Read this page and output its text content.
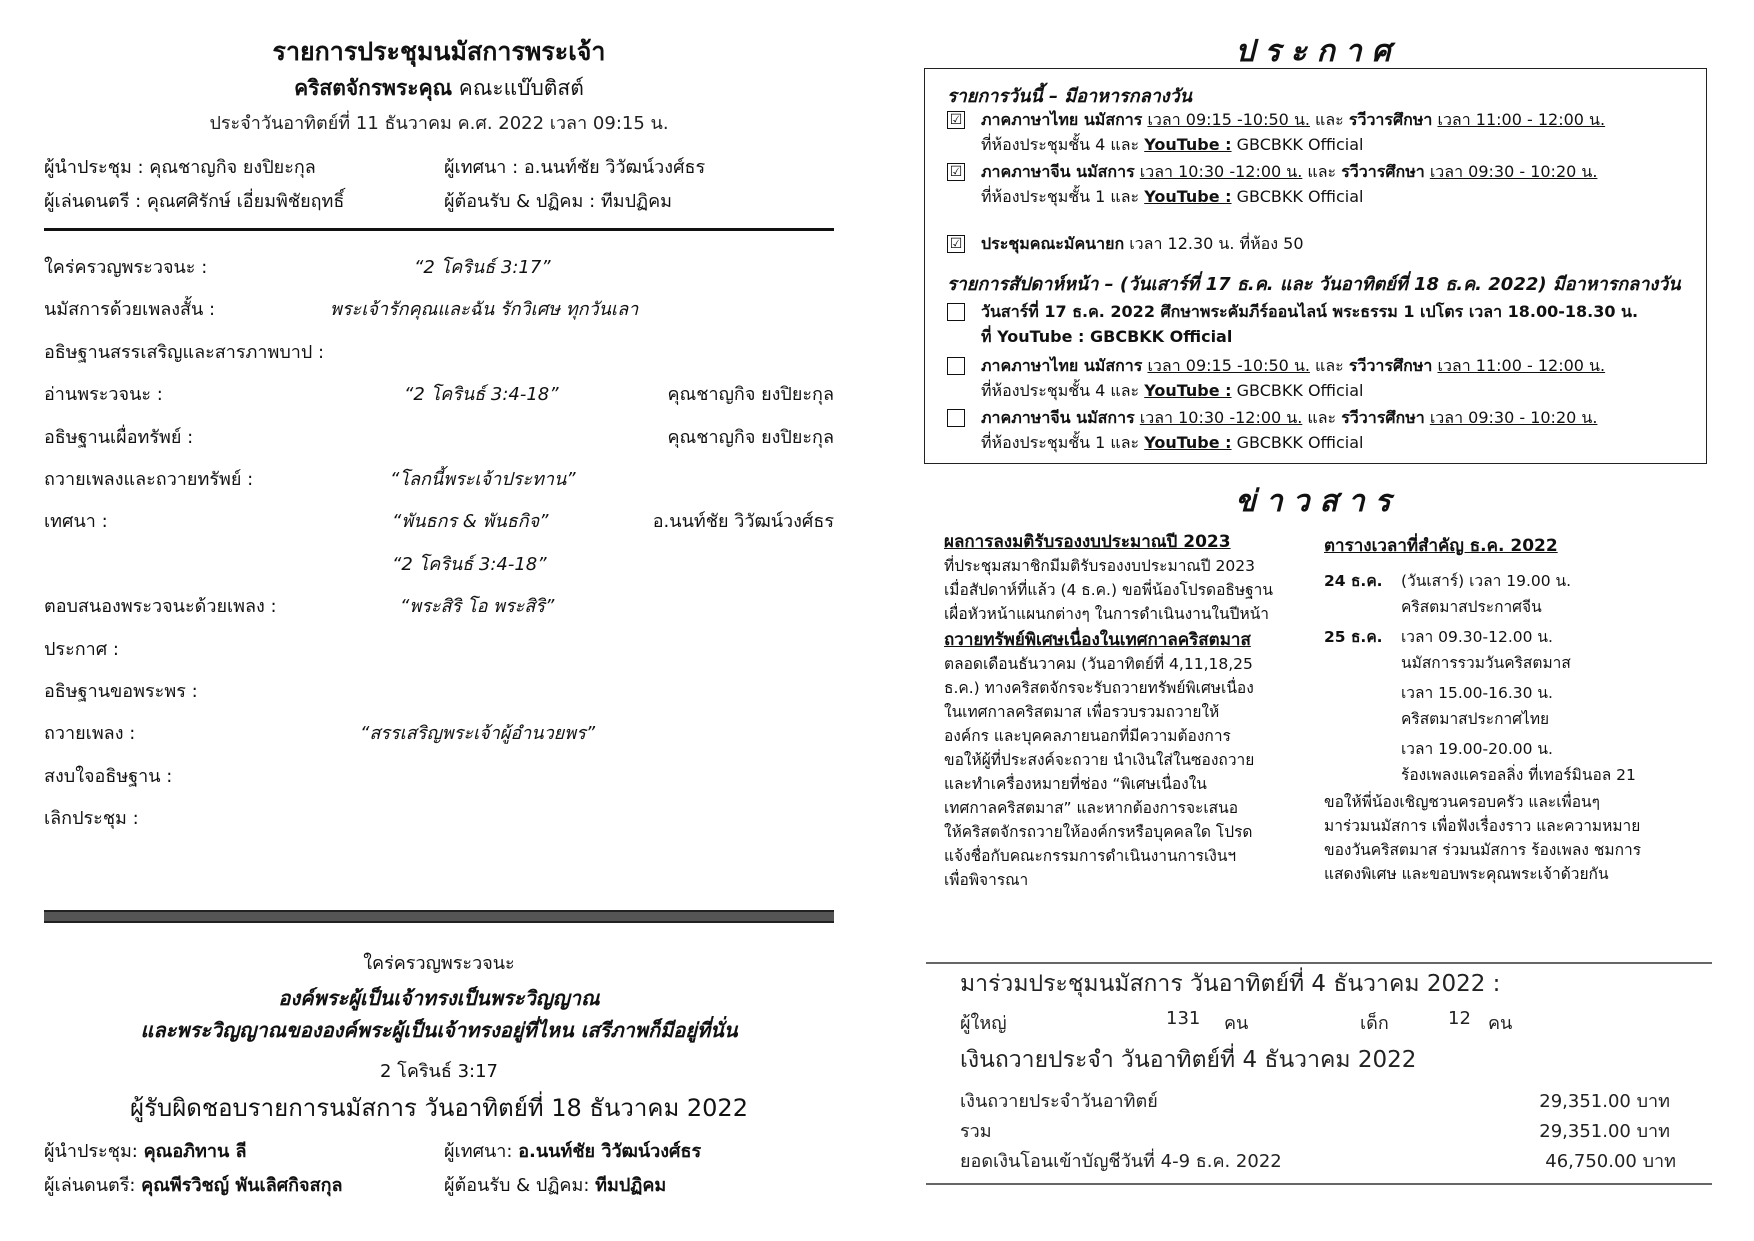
รายการประชุมนมัสการพระเจ้า
คริสตจักรพระคุณ คณะแบ๊บติสต์
ประจำวันอาทิตย์ที่ 11 ธันวาคม ค.ศ. 2022 เวลา 09:15 น.
ผู้นำประชุม : คุณชาญกิจ ยงปิยะกุล	ผู้เทศนา : อ.นนท์ชัย วิวัฒน์วงศ์ธร
ผู้เล่นดนตรี : คุณศศิรักษ์ เอี่ยมพิชัยฤทธิ์	ผู้ต้อนรับ & ปฏิคม : ทีมปฏิคม
ใคร่ครวญพระวจนะ :	“2 โครินธ์ 3:17”
นมัสการด้วยเพลงสั้น :	พระเจ้ารักคุณและฉัน รักวิเศษ ทุกวันเลา
อธิษฐานสรรเสริญและสารภาพบาป :
อ่านพระวจนะ :	“2 โครินธ์ 3:4-18”	คุณชาญกิจ ยงปิยะกุล
อธิษฐานเผื่อทรัพย์ :	คุณชาญกิจ ยงปิยะกุล
ถวายเพลงและถวายทรัพย์ :	“โลกนี้พระเจ้าประทาน”
เทศนา :	“พันธกร & พันธกิจ”	อ.นนท์ชัย วิวัฒน์วงศ์ธร
“2 โครินธ์ 3:4-18”
ตอบสนองพระวจนะด้วยเพลง :	“พระสิริ โอ พระสิริ”
ประกาศ :
อธิษฐานขอพระพร :
ถวายเพลง :	“สรรเสริญพระเจ้าผู้อำนวยพร”
สงบใจอธิษฐาน :
เลิกประชุม :
ใคร่ครวญพระวจนะ
องค์พระผู้เป็นเจ้าทรงเป็นพระวิญญาณ
และพระวิญญาณขององค์พระผู้เป็นเจ้าทรงอยู่ที่ไหน เสรีภาพก็มีอยู่ที่นั่น
2 โครินธ์ 3:17
ผู้รับผิดชอบรายการนมัสการ วันอาทิตย์ที่ 18 ธันวาคม 2022
ผู้นำประชุม: คุณอภิทาน ลี	ผู้เทศนา: อ.นนท์ชัย วิวัฒน์วงศ์ธร
ผู้เล่นดนตรี: คุณพีรวิชญ์ พันเลิศกิจสกุล	ผู้ต้อนรับ & ปฏิคม: ทีมปฏิคม
ประกาศ
รายการวันนี้ – มีอาหารกลางวัน
☑ ภาคภาษาไทย นมัสการ เวลา 09:15 -10:50 น. และ รวีวารศึกษา เวลา 11:00 - 12:00 น.
ที่ห้องประชุมชั้น 4 และ YouTube : GBCBKK Official
☑ ภาคภาษาจีน นมัสการ เวลา 10:30 -12:00 น. และ รวีวารศึกษา เวลา 09:30 - 10:20 น.
ที่ห้องประชุมชั้น 1 และ YouTube : GBCBKK Official
☑ ประชุมคณะมัคนายก เวลา 12.30 น. ที่ห้อง 50
รายการสัปดาห์หน้า – (วันเสาร์ที่ 17 ธ.ค. และ วันอาทิตย์ที่ 18 ธ.ค. 2022) มีอาหารกลางวัน
วันสาร์ที่ 17 ธ.ค. 2022 ศึกษาพระคัมภีร์ออนไลน์ พระธรรม 1 เปโตร เวลา 18.00-18.30 น.
ที่ YouTube : GBCBKK Official
ภาคภาษาไทย นมัสการ เวลา 09:15 -10:50 น. และ รวีวารศึกษา เวลา 11:00 - 12:00 น.
ที่ห้องประชุมชั้น 4 และ YouTube : GBCBKK Official
ภาคภาษาจีน นมัสการ เวลา 10:30 -12:00 น. และ รวีวารศึกษา เวลา 09:30 - 10:20 น.
ที่ห้องประชุมชั้น 1 และ YouTube : GBCBKK Official
ข่าวสาร
ผลการลงมติรับรองงบประมาณปี 2023
ที่ประชุมสมาชิกมีมติรับรองงบประมาณปี 2023
เมื่อสัปดาห์ที่แล้ว (4 ธ.ค.) ขอพี่น้องโปรดอธิษฐาน
เผื่อหัวหน้าแผนกต่างๆ ในการดำเนินงานในปีหน้า
ถวายทรัพย์พิเศษเนื่องในเทศกาลคริสตมาส
ตลอดเดือนธันวาคม (วันอาทิตย์ที่ 4,11,18,25
ธ.ค.) ทางคริสตจักรจะรับถวายทรัพย์พิเศษเนื่อง
ในเทศกาลคริสตมาส เพื่อรวบรวมถวายให้
องค์กร และบุคคลภายนอกที่มีความต้องการ
ขอให้ผู้ที่ประสงค์จะถวาย นำเงินใส่ในซองถวาย
และทำเครื่องหมายที่ช่อง “พิเศษเนื่องใน
เทศกาลคริสตมาส” และหากต้องการจะเสนอ
ให้คริสตจักรถวายให้องค์กรหรือบุคคลใด โปรด
แจ้งชื่อกับคณะกรรมการดำเนินงานการเงินฯ
เพื่อพิจารณา
ตารางเวลาที่สำคัญ ธ.ค. 2022
24 ธ.ค. (วันเสาร์) เวลา 19.00 น.
คริสตมาสประกาศจีน
25 ธ.ค. เวลา 09.30-12.00 น.
นมัสการรวมวันคริสตมาส
เวลา 15.00-16.30 น.
คริสตมาสประกาศไทย
เวลา 19.00-20.00 น.
ร้องเพลงแครอลลิ่ง ที่เทอร์มินอล 21
ขอให้พี่น้องเชิญชวนครอบครัว และเพื่อนๆ
มาร่วมนมัสการ เพื่อฟังเรื่องราว และความหมาย
ของวันคริสตมาส ร่วมนมัสการ ร้องเพลง ชมการ
แสดงพิเศษ และขอบพระคุณพระเจ้าด้วยกัน
มาร่วมประชุมนมัสการ วันอาทิตย์ที่ 4 ธันวาคม 2022 :
ผู้ใหญ่	131 คน	เด็ก	12 คน
เงินถวายประจำ วันอาทิตย์ที่ 4 ธันวาคม 2022
เงินถวายประจำวันอาทิตย์	29,351.00 บาท
รวม	29,351.00 บาท
ยอดเงินโอนเข้าบัญชีวันที่ 4-9 ธ.ค. 2022	46,750.00 บาท
